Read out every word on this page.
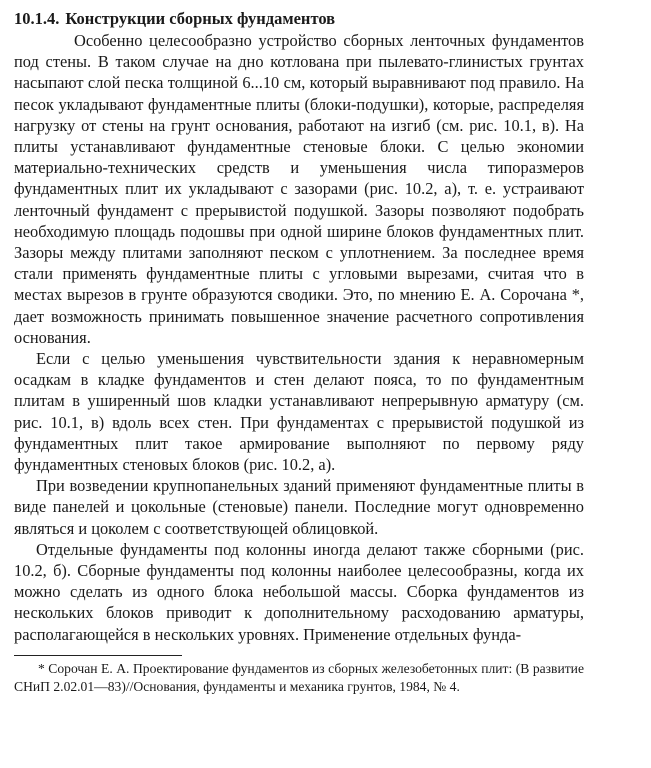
10.1.4. Конструкции сборных фундаментов

Особенно целесообразно устройство сборных ленточных фундаментов под стены. В таком случае на дно котлована при пылевато-глинистых грунтах насыпают слой песка толщиной 6...10 см, который выравнивают под правило. На песок укладывают фундаментные плиты (блоки-подушки), которые, распределяя нагрузку от стены на грунт основания, работают на изгиб (см. рис. 10.1, в). На плиты устанавливают фундаментные стеновые блоки. С целью экономии материально-технических средств и уменьшения числа типоразмеров фундаментных плит их укладывают с зазорами (рис. 10.2, а), т. е. устраивают ленточный фундамент с прерывистой подушкой. Зазоры позволяют подобрать необходимую площадь подошвы при одной ширине блоков фундаментных плит. Зазоры между плитами заполняют песком с уплотнением. За последнее время стали применять фундаментные плиты с угловыми вырезами, считая что в местах вырезов в грунте образуются сводики. Это, по мнению Е. А. Сорочана *, дает возможность принимать повышенное значение расчетного сопротивления основания.

Если с целью уменьшения чувствительности здания к неравномерным осадкам в кладке фундаментов и стен делают пояса, то по фундаментным плитам в уширенный шов кладки устанавливают непрерывную арматуру (см. рис. 10.1, в) вдоль всех стен. При фундаментах с прерывистой подушкой из фундаментных плит такое армирование выполняют по первому ряду фундаментных стеновых блоков (рис. 10.2, а).

При возведении крупнопанельных зданий применяют фундаментные плиты в виде панелей и цокольные (стеновые) панели. Последние могут одновременно являться и цоколем с соответствующей облицовкой.

Отдельные фундаменты под колонны иногда делают также сборными (рис. 10.2, б). Сборные фундаменты под колонны наиболее целесообразны, когда их можно сделать из одного блока небольшой массы. Сборка фундаментов из нескольких блоков приводит к дополнительному расходованию арматуры, располагающейся в нескольких уровнях. Применение отдельных фунда-

* Сорочан Е. А. Проектирование фундаментов из сборных железобетонных плит: (В развитие СНиП 2.02.01—83)//Основания, фундаменты и механика грунтов, 1984, № 4.
